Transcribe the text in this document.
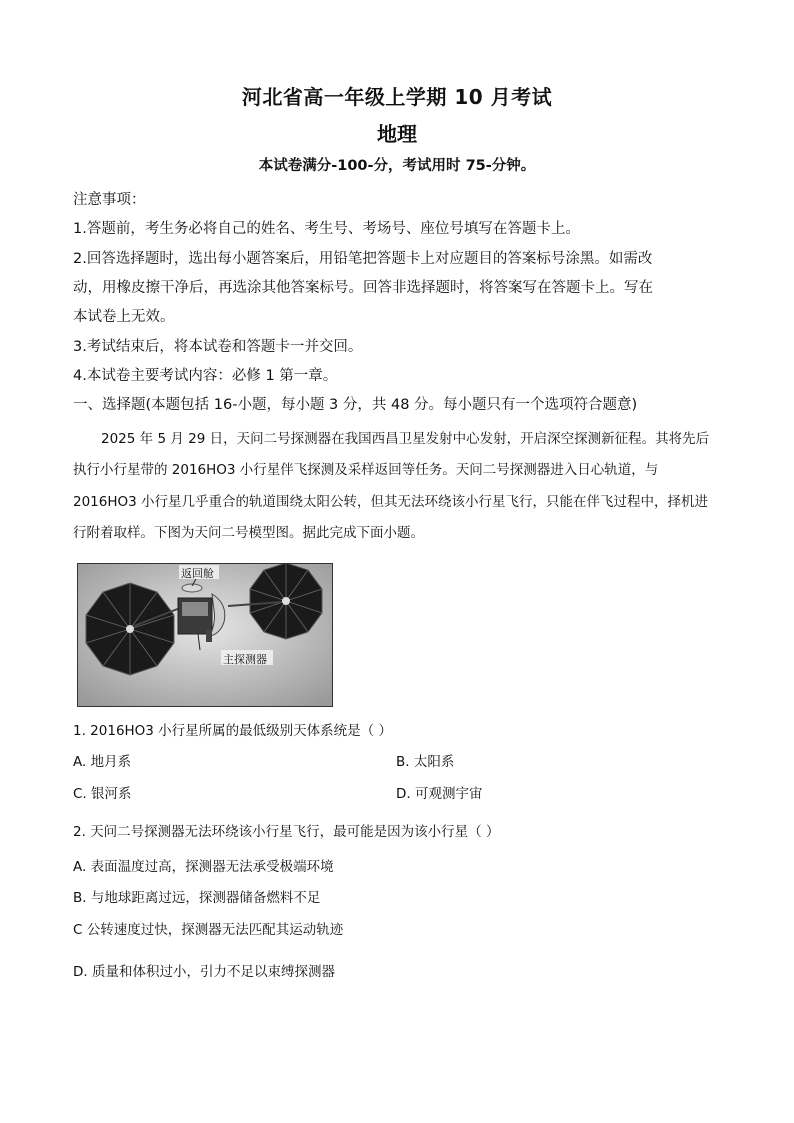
河北省高一年级上学期 10 月考试
地理
本试卷满分-100-分，考试用时 75-分钟。
注意事项：
1.答题前，考生务必将自己的姓名、考生号、考场号、座位号填写在答题卡上。
2.回答选择题时，选出每小题答案后，用铅笔把答题卡上对应题目的答案标号涂黑。如需改
动，用橡皮擦干净后，再选涂其他答案标号。回答非选择题时，将答案写在答题卡上。写在
本试卷上无效。
3.考试结束后，将本试卷和答题卡一并交回。
4.本试卷主要考试内容：必修 1 第一章。
一、选择题(本题包括 16-小题，每小题 3 分，共 48 分。每小题只有一个选项符合题意)
2025 年 5 月 29 日，天问二号探测器在我国西昌卫星发射中心发射，开启深空探测新征程。其将先后
执行小行星带的 2016HO3 小行星伴飞探测及采样返回等任务。天问二号探测器进入日心轨道，与
2016HO3 小行星几乎重合的轨道围绕太阳公转，但其无法环绕该小行星飞行，只能在伴飞过程中，择机进
行附着取样。下图为天问二号模型图。据此完成下面小题。
返回舱
主探测器
1. 2016HO3 小行星所属的最低级别天体系统是（ ）
A. 地月系	B. 太阳系
C. 银河系	D. 可观测宇宙
2. 天问二号探测器无法环绕该小行星飞行，最可能是因为该小行星（ ）
A. 表面温度过高，探测器无法承受极端环境
B. 与地球距离过远，探测器储备燃料不足
C 公转速度过快，探测器无法匹配其运动轨迹
D. 质量和体积过小，引力不足以束缚探测器
